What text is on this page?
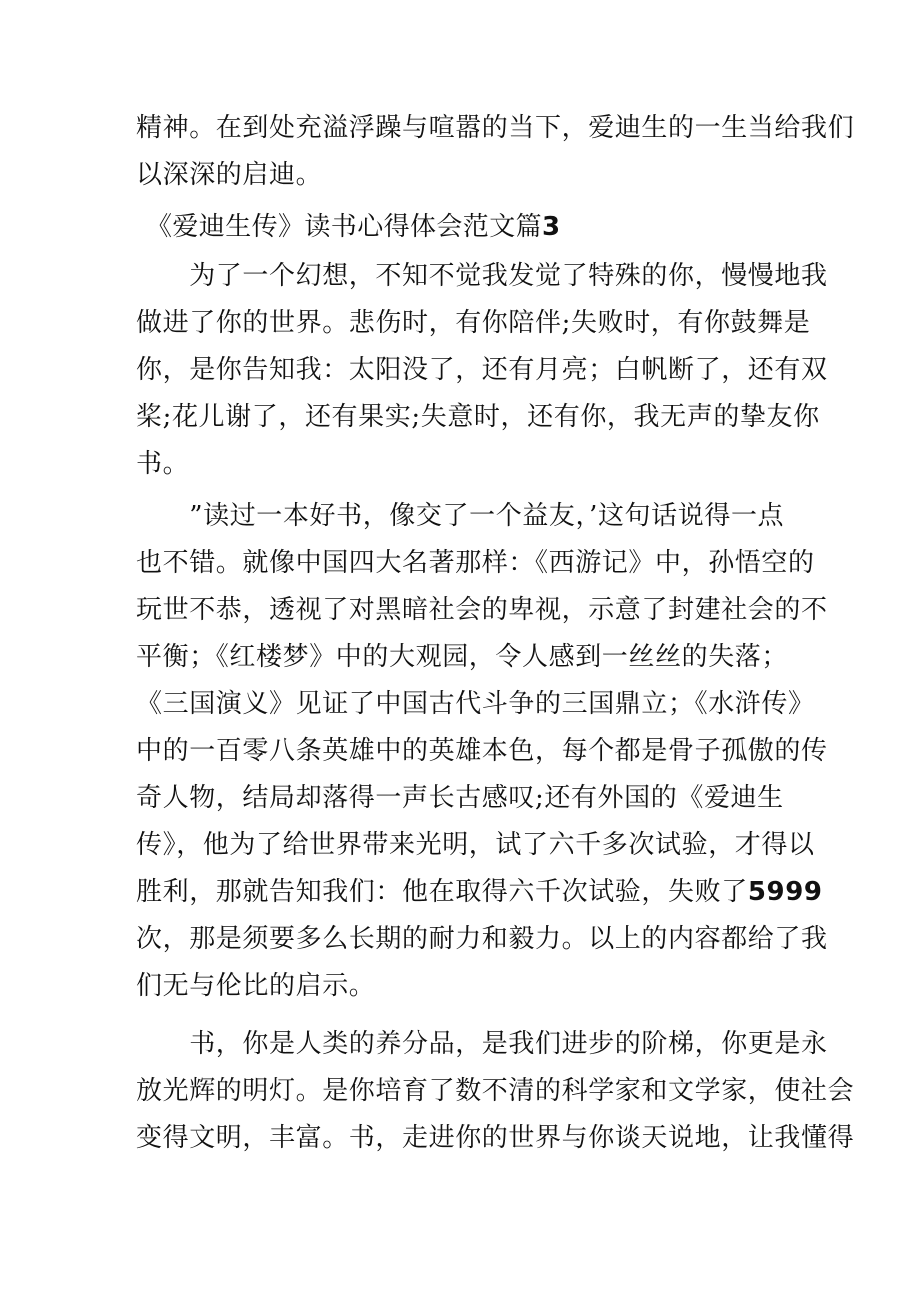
精神。在到处充溢浮躁与喧嚣的当下，爱迪生的一生当给我们
以深深的启迪。
《爱迪生传》读书心得体会范文篇3
　　为了一个幻想，不知不觉我发觉了特殊的你，慢慢地我
做进了你的世界。悲伤时，有你陪伴;失败时，有你鼓舞是
你，是你告知我：太阳没了，还有月亮；白帆断了，还有双
桨;花儿谢了，还有果实;失意时，还有你，我无声的挚友你
书。
　　”读过一本好书，像交了一个益友，’这句话说得一点
也不错。就像中国四大名著那样：《西游记》中，孙悟空的
玩世不恭，透视了对黑暗社会的卑视，示意了封建社会的不
平衡；《红楼梦》中的大观园，令人感到一丝丝的失落；
《三国演义》见证了中国古代斗争的三国鼎立；《水浒传》
中的一百零八条英雄中的英雄本色，每个都是骨子孤傲的传
奇人物，结局却落得一声长古感叹;还有外国的《爱迪生
传》，他为了给世界带来光明，试了六千多次试验，才得以
胜利，那就告知我们：他在取得六千次试验，失败了5999
次，那是须要多么长期的耐力和毅力。以上的内容都给了我
们无与伦比的启示。
　　书，你是人类的养分品，是我们进步的阶梯，你更是永
放光辉的明灯。是你培育了数不清的科学家和文学家，使社会
变得文明，丰富。书，走进你的世界与你谈天说地，让我懂得
